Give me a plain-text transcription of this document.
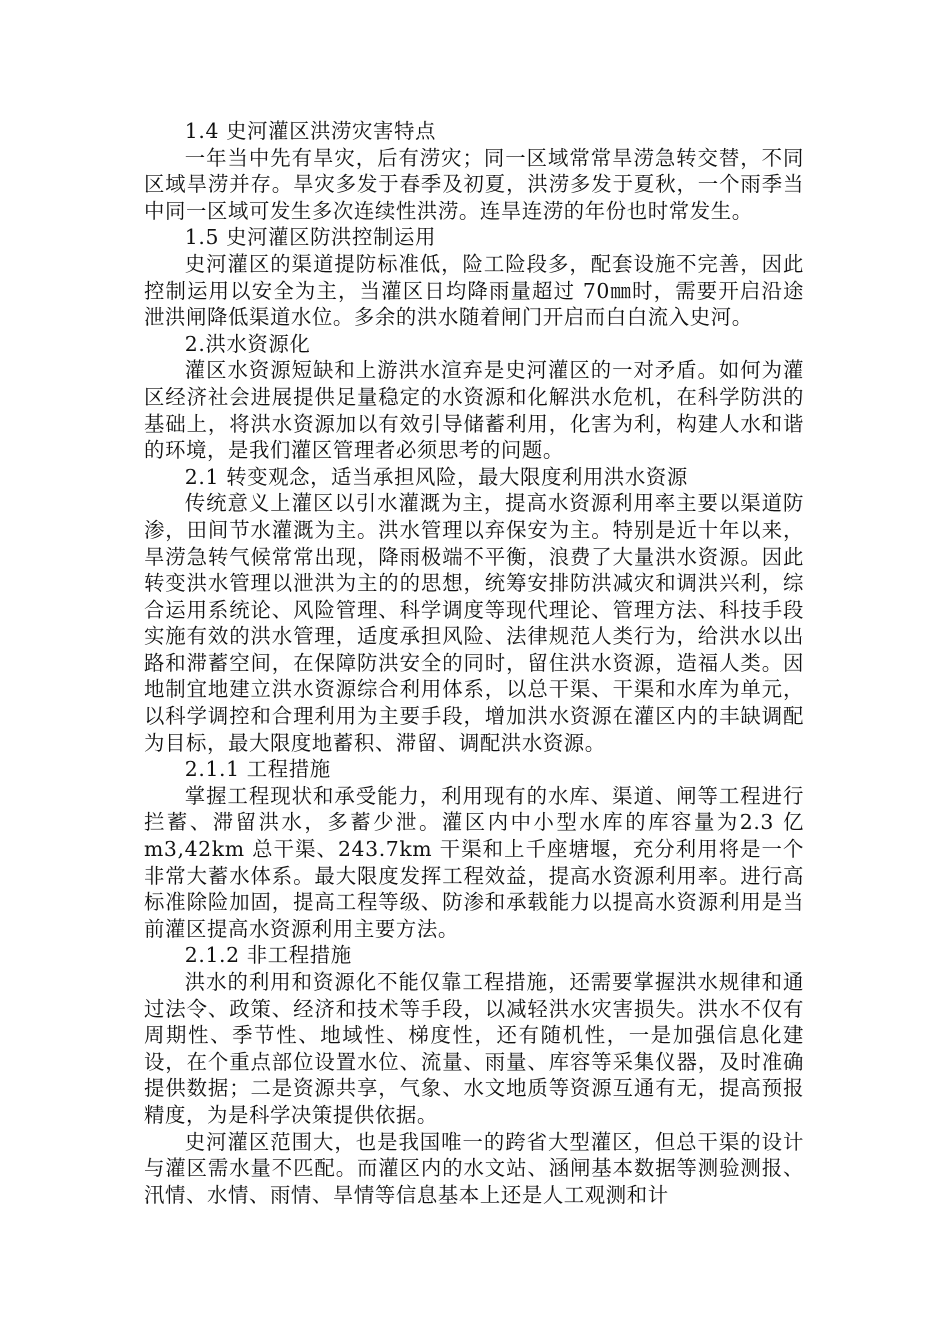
1.4 史河灌区洪涝灾害特点

一年当中先有旱灾，后有涝灾；同一区域常常旱涝急转交替，不同区域旱涝并存。旱灾多发于春季及初夏，洪涝多发于夏秋，一个雨季当中同一区域可发生多次连续性洪涝。连旱连涝的年份也时常发生。

1.5 史河灌区防洪控制运用

史河灌区的渠道提防标准低，险工险段多，配套设施不完善，因此控制运用以安全为主，当灌区日均降雨量超过 70㎜时，需要开启沿途泄洪闸降低渠道水位。多余的洪水随着闸门开启而白白流入史河。

2.洪水资源化

灌区水资源短缺和上游洪水渲弃是史河灌区的一对矛盾。如何为灌区经济社会进展提供足量稳定的水资源和化解洪水危机，在科学防洪的基础上，将洪水资源加以有效引导储蓄利用，化害为利，构建人水和谐的环境，是我们灌区管理者必须思考的问题。

2.1 转变观念，适当承担风险，最大限度利用洪水资源

传统意义上灌区以引水灌溉为主，提高水资源利用率主要以渠道防渗，田间节水灌溉为主。洪水管理以弃保安为主。特别是近十年以来，旱涝急转气候常常出现，降雨极端不平衡，浪费了大量洪水资源。因此转变洪水管理以泄洪为主的的思想，统筹安排防洪减灾和调洪兴利，综合运用系统论、风险管理、科学调度等现代理论、管理方法、科技手段实施有效的洪水管理，适度承担风险、法律规范人类行为，给洪水以出路和滞蓄空间，在保障防洪安全的同时，留住洪水资源，造福人类。因地制宜地建立洪水资源综合利用体系，以总干渠、干渠和水库为单元，以科学调控和合理利用为主要手段，增加洪水资源在灌区内的丰缺调配为目标，最大限度地蓄积、滞留、调配洪水资源。

2.1.1 工程措施

掌握工程现状和承受能力，利用现有的水库、渠道、闸等工程进行拦蓄、滞留洪水，多蓄少泄。灌区内中小型水库的库容量为2.3 亿 m3,42km 总干渠、243.7km 干渠和上千座塘堰，充分利用将是一个非常大蓄水体系。最大限度发挥工程效益，提高水资源利用率。进行高标准除险加固，提高工程等级、防渗和承载能力以提高水资源利用是当前灌区提高水资源利用主要方法。

2.1.2 非工程措施

洪水的利用和资源化不能仅靠工程措施，还需要掌握洪水规律和通过法令、政策、经济和技术等手段，以减轻洪水灾害损失。洪水不仅有周期性、季节性、地域性、梯度性，还有随机性，一是加强信息化建设，在个重点部位设置水位、流量、雨量、库容等采集仪器，及时准确提供数据；二是资源共享，气象、水文地质等资源互通有无，提高预报精度，为是科学决策提供依据。

史河灌区范围大，也是我国唯一的跨省大型灌区，但总干渠的设计与灌区需水量不匹配。而灌区内的水文站、涵闸基本数据等测验测报、汛情、水情、雨情、旱情等信息基本上还是人工观测和计
